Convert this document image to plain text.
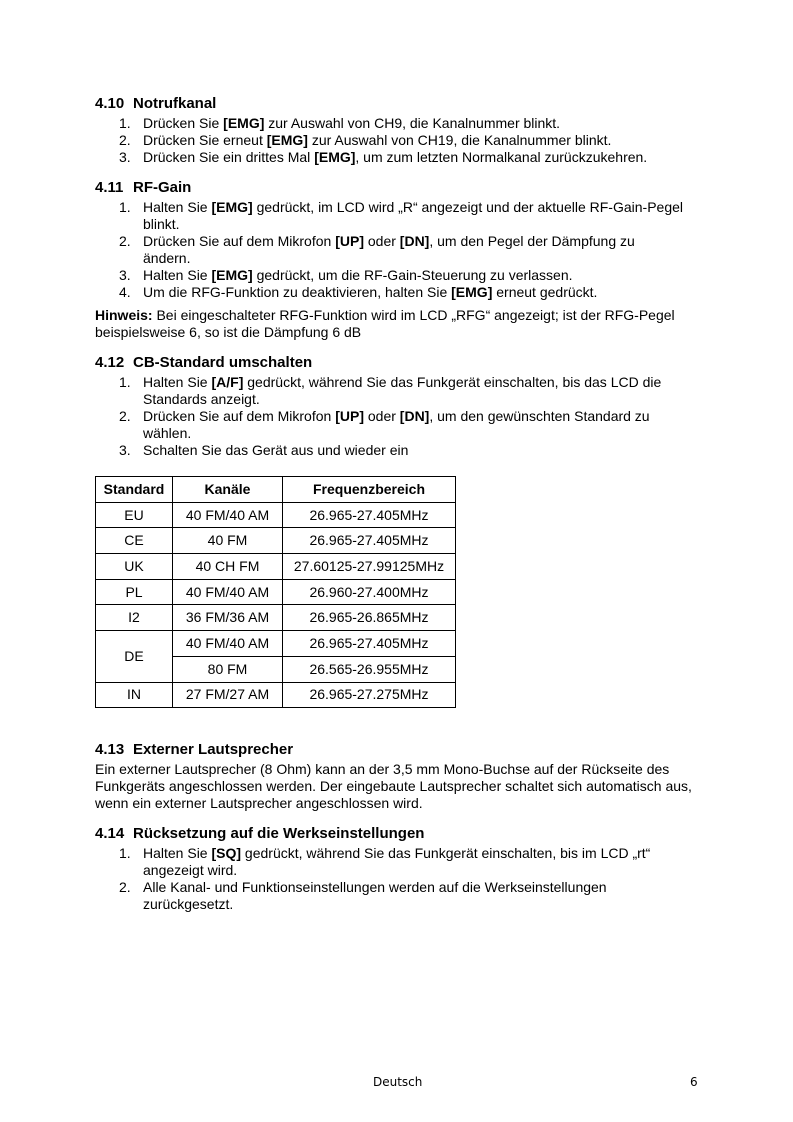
4.10 Notrufkanal
1. Drücken Sie [EMG] zur Auswahl von CH9, die Kanalnummer blinkt.
2. Drücken Sie erneut [EMG] zur Auswahl von CH19, die Kanalnummer blinkt.
3. Drücken Sie ein drittes Mal [EMG], um zum letzten Normalkanal zurückzukehren.
4.11 RF-Gain
1. Halten Sie [EMG] gedrückt, im LCD wird „R“ angezeigt und der aktuelle RF-Gain-Pegel blinkt.
2. Drücken Sie auf dem Mikrofon [UP] oder [DN], um den Pegel der Dämpfung zu ändern.
3. Halten Sie [EMG] gedrückt, um die RF-Gain-Steuerung zu verlassen.
4. Um die RFG-Funktion zu deaktivieren, halten Sie [EMG] erneut gedrückt.

Hinweis: Bei eingeschalteter RFG-Funktion wird im LCD „RFG“ angezeigt; ist der RFG-Pegel beispielsweise 6, so ist die Dämpfung 6 dB

4.12 CB-Standard umschalten
1. Halten Sie [A/F] gedrückt, während Sie das Funkgerät einschalten, bis das LCD die Standards anzeigt.
2. Drücken Sie auf dem Mikrofon [UP] oder [DN], um den gewünschten Standard zu wählen.
3. Schalten Sie das Gerät aus und wieder ein
Standard	Kanäle	Frequenzbereich
EU	40 FM/40 AM	26.965-27.405MHz
CE	40 FM	26.965-27.405MHz
UK	40 CH FM	27.60125-27.99125MHz
PL	40 FM/40 AM	26.960-27.400MHz
I2	36 FM/36 AM	26.965-26.865MHz
DE	40 FM/40 AM	26.965-27.405MHz
	80 FM	26.565-26.955MHz
IN	27 FM/27 AM	26.965-27.275MHz
4.13 Externer Lautsprecher

Ein externer Lautsprecher (8 Ohm) kann an der 3,5 mm Mono-Buchse auf der Rückseite des Funkgeräts angeschlossen werden. Der eingebaute Lautsprecher schaltet sich automatisch aus, wenn ein externer Lautsprecher angeschlossen wird.

4.14 Rücksetzung auf die Werkseinstellungen
1. Halten Sie [SQ] gedrückt, während Sie das Funkgerät einschalten, bis im LCD „rt“ angezeigt wird.
2. Alle Kanal- und Funktionseinstellungen werden auf die Werkseinstellungen zurückgesetzt.
Deutsch	6
